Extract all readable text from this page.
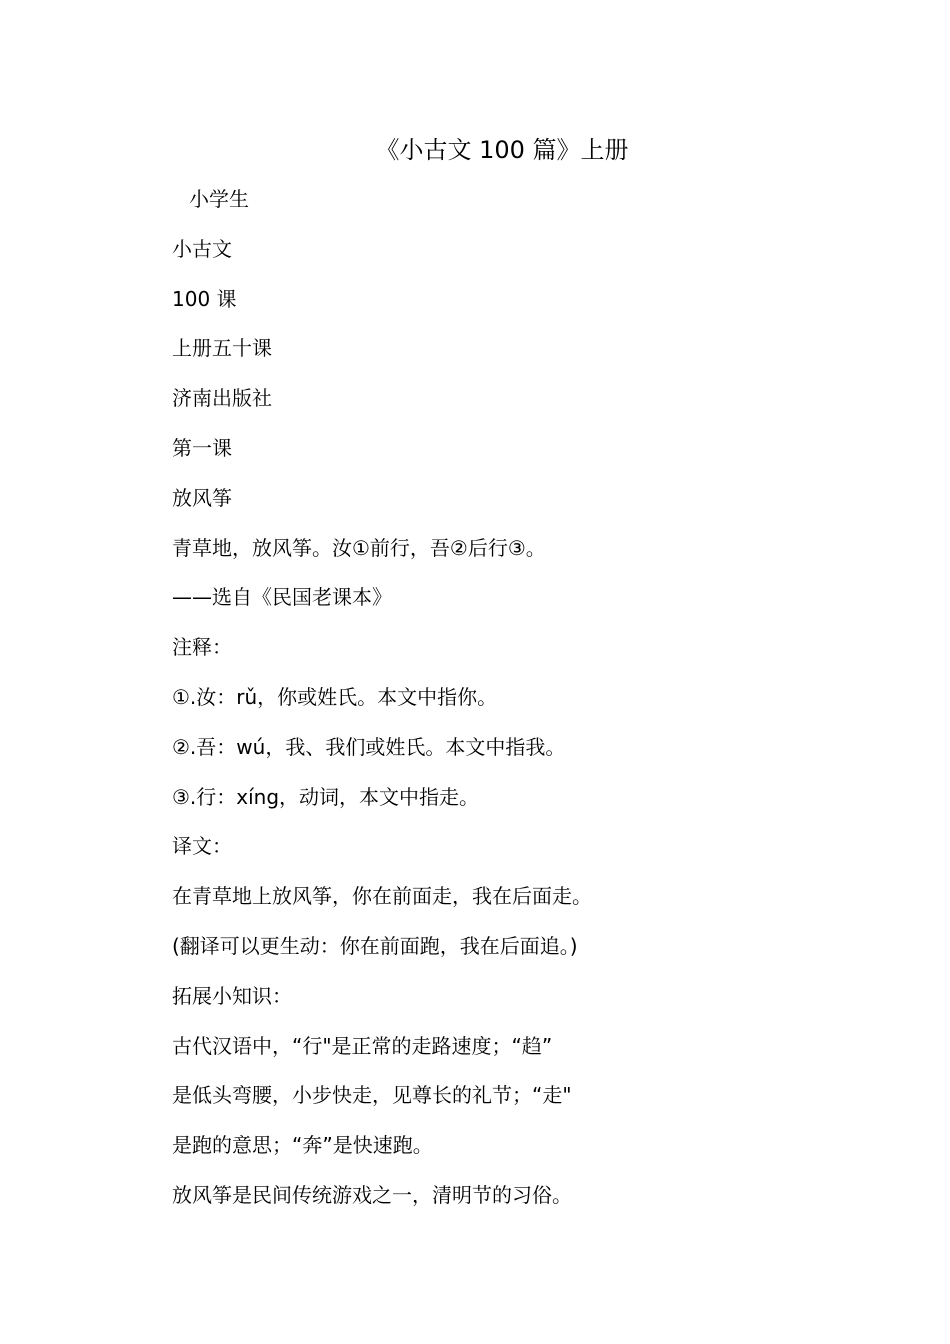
《小古文 100 篇》上册
小学生
小古文
100 课
上册五十课
济南出版社
第一课
放风筝
青草地，放风筝。汝①前行，吾②后行③。
——选自《民国老课本》
注释：
①.汝：rǔ，你或姓氏。本文中指你。
②.吾：wú，我、我们或姓氏。本文中指我。
③.行：xíng，动词，本文中指走。
译文：
在青草地上放风筝，你在前面走，我在后面走。
(翻译可以更生动：你在前面跑，我在后面追。)
拓展小知识：
古代汉语中，“行"是正常的走路速度；“趋”
是低头弯腰，小步快走，见尊长的礼节；“走"
是跑的意思；“奔”是快速跑。
放风筝是民间传统游戏之一，清明节的习俗。
